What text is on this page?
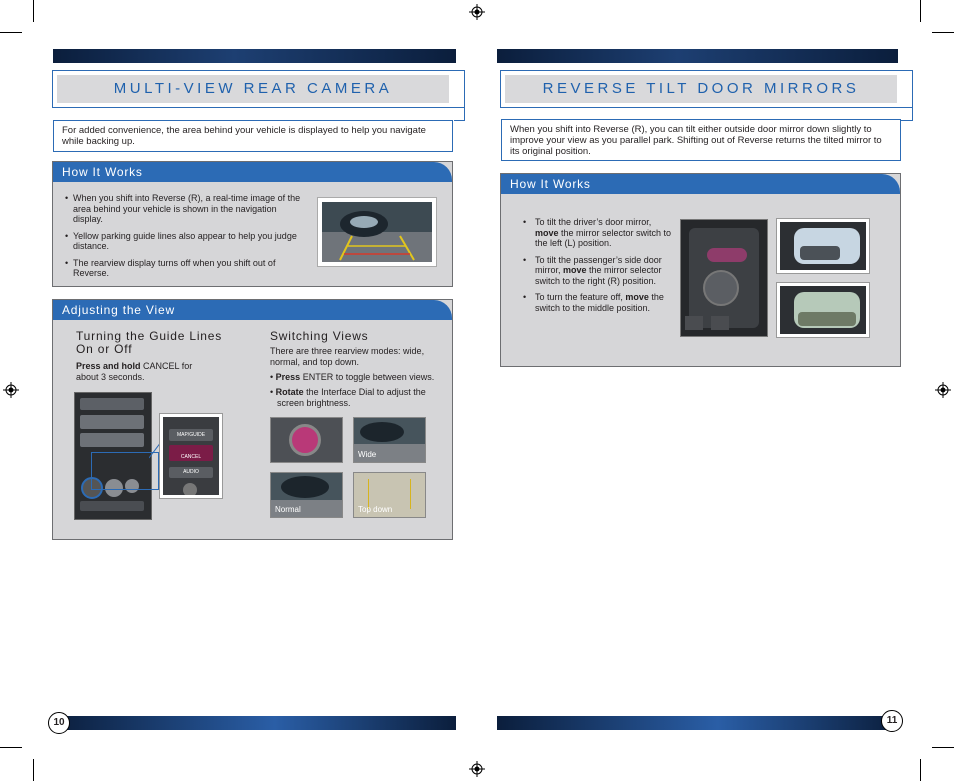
MULTI-VIEW REAR CAMERA
For added convenience, the area behind your vehicle is displayed to help you navigate while backing up.
How It Works
• When you shift into Reverse (R), a real-time image of the area behind your vehicle is shown in the navigation display.
• Yellow parking guide lines also appear to help you judge distance.
• The rearview display turns off when you shift out of Reverse.
Adjusting the View
Turning the Guide Lines
On or Off
Press and hold CANCEL for about 3 seconds.
MAP/GUIDE
CANCEL
AUDIO
Switching Views
There are three rearview modes: wide, normal, and top down.
• Press ENTER to toggle between views.
• Rotate the Interface Dial to adjust the screen brightness.
Wide
Normal	Top down
10
REVERSE TILT DOOR MIRRORS
When you shift into Reverse (R), you can tilt either outside door mirror down slightly to improve your view as you parallel park. Shifting out of Reverse returns the tilted mirror to its original position.
How It Works
• To tilt the driver’s door mirror, move the mirror selector switch to the left (L) position.
• To tilt the passenger’s side door mirror, move the mirror selector switch to the right (R) position.
• To turn the feature off, move the switch to the middle position.
11
